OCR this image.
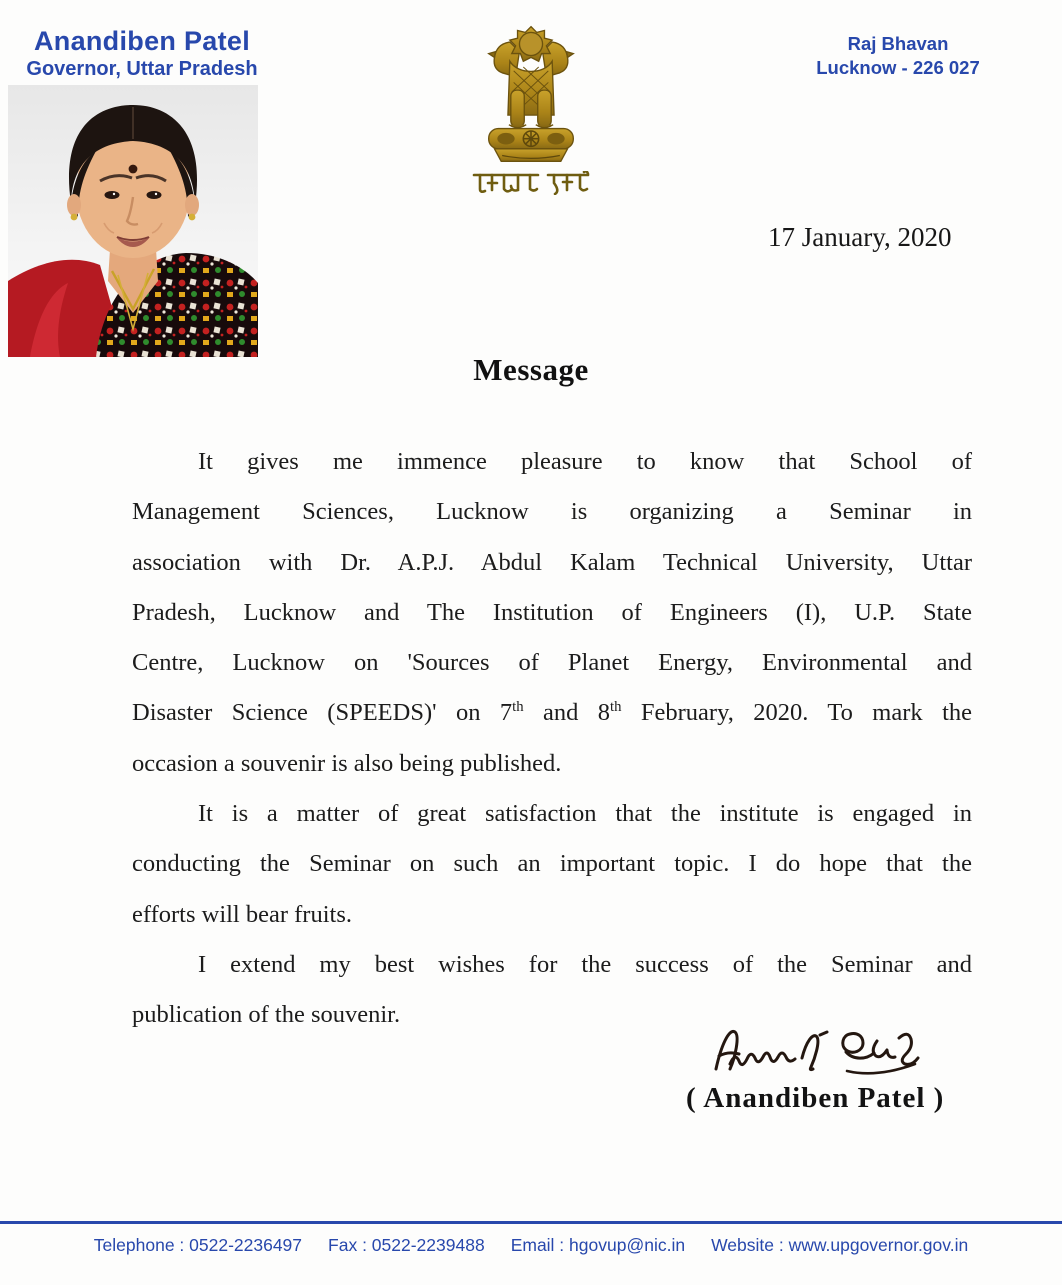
Anandiben Patel
Governor, Uttar Pradesh
Raj Bhavan
Lucknow - 226 027
17 January, 2020
Message
It gives me immence pleasure to know that School of
Management Sciences, Lucknow is organizing a Seminar in
association with Dr. A.P.J. Abdul Kalam Technical University, Uttar
Pradesh, Lucknow and The Institution of Engineers (I), U.P. State
Centre, Lucknow on 'Sources of Planet Energy, Environmental and
Disaster Science (SPEEDS)' on 7th and 8th February, 2020. To mark the
occasion a souvenir is also being published.
It is a matter of great satisfaction that the institute is engaged in
conducting the Seminar on such an important topic. I do hope that the
efforts will bear fruits.
I extend my best wishes for the success of the Seminar and
publication of the souvenir.
( Anandiben Patel )
Telephone : 0522-2236497 Fax : 0522-2239488 Email : hgovup@nic.in Website : www.upgovernor.gov.in
